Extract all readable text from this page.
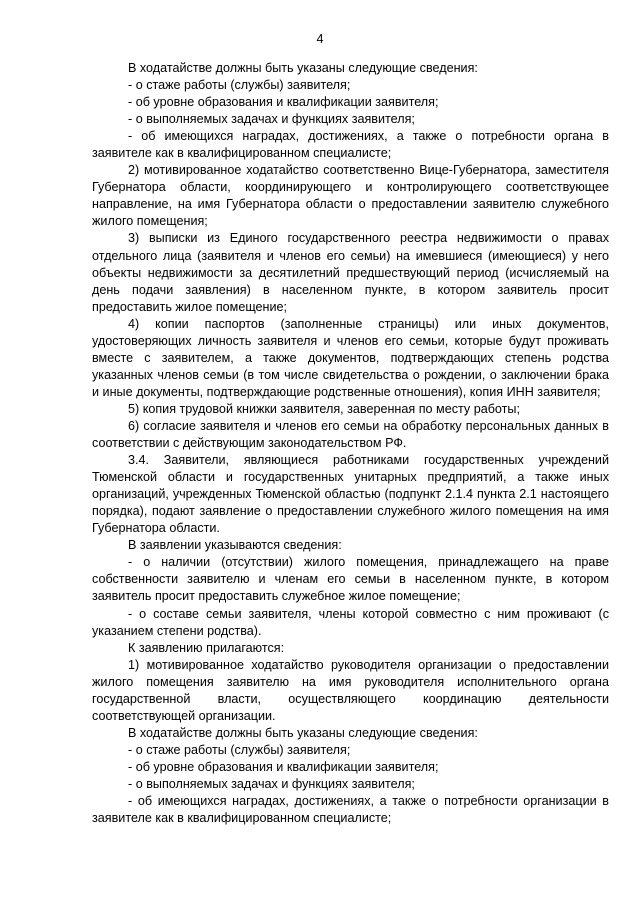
4

В ходатайстве должны быть указаны следующие сведения:

- о стаже работы (службы) заявителя;

- об уровне образования и квалификации заявителя;

- о выполняемых задачах и функциях заявителя;

- об имеющихся наградах, достижениях, а также о потребности органа в заявителе как в квалифицированном специалисте;

2) мотивированное ходатайство соответственно Вице-Губернатора, заместителя Губернатора области, координирующего и контролирующего соответствующее направление, на имя Губернатора области о предоставлении заявителю служебного жилого помещения;

3) выписки из Единого государственного реестра недвижимости о правах отдельного лица (заявителя и членов его семьи) на имевшиеся (имеющиеся) у него объекты недвижимости за десятилетний предшествующий период (исчисляемый на день подачи заявления) в населенном пункте, в котором заявитель просит предоставить жилое помещение;

4) копии паспортов (заполненные страницы) или иных документов, удостоверяющих личность заявителя и членов его семьи, которые будут проживать вместе с заявителем, а также документов, подтверждающих степень родства указанных членов семьи (в том числе свидетельства о рождении, о заключении брака и иные документы, подтверждающие родственные отношения), копия ИНН заявителя;

5) копия трудовой книжки заявителя, заверенная по месту работы;

6) согласие заявителя и членов его семьи на обработку персональных данных в соответствии с действующим законодательством РФ.

3.4. Заявители, являющиеся работниками государственных учреждений Тюменской области и государственных унитарных предприятий, а также иных организаций, учрежденных Тюменской областью (подпункт 2.1.4 пункта 2.1 настоящего порядка), подают заявление о предоставлении служебного жилого помещения на имя Губернатора области.

В заявлении указываются сведения:

- о наличии (отсутствии) жилого помещения, принадлежащего на праве собственности заявителю и членам его семьи в населенном пункте, в котором заявитель просит предоставить служебное жилое помещение;

- о составе семьи заявителя, члены которой совместно с ним проживают (с указанием степени родства).

К заявлению прилагаются:

1) мотивированное ходатайство руководителя организации о предоставлении жилого помещения заявителю на имя руководителя исполнительного органа государственной власти, осуществляющего координацию деятельности соответствующей организации.

В ходатайстве должны быть указаны следующие сведения:

- о стаже работы (службы) заявителя;

- об уровне образования и квалификации заявителя;

- о выполняемых задачах и функциях заявителя;

- об имеющихся наградах, достижениях, а также о потребности организации в заявителе как в квалифицированном специалисте;
